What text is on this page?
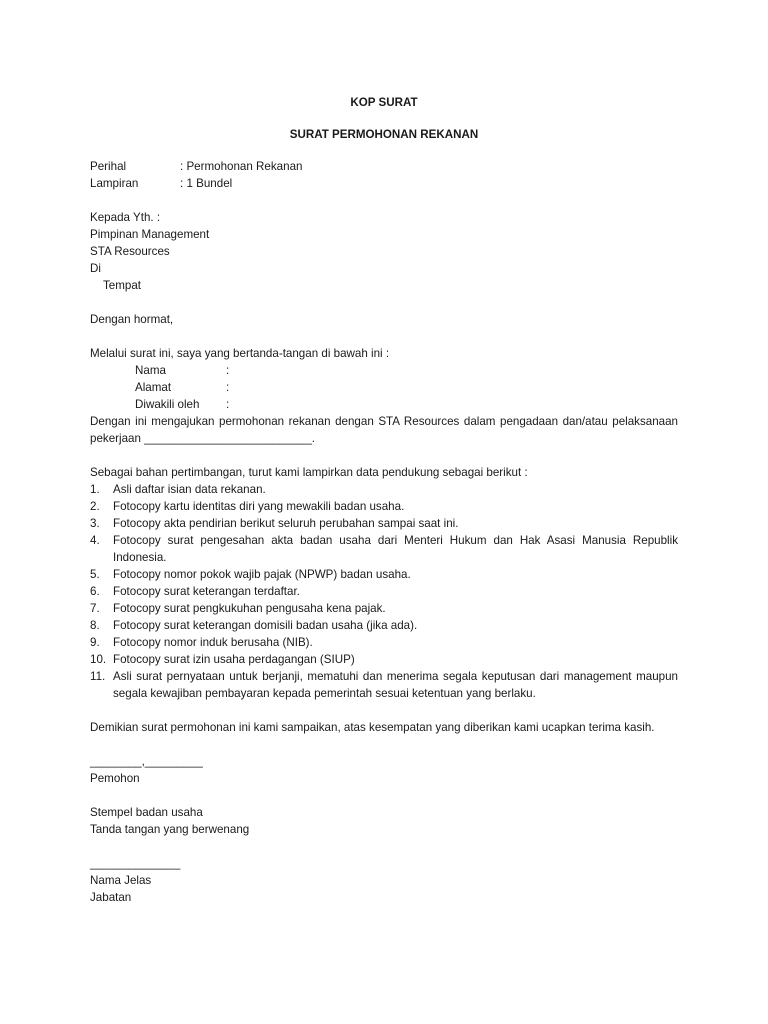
KOP SURAT
SURAT PERMOHONAN REKANAN
Perihal	: Permohonan Rekanan
Lampiran	: 1 Bundel
Kepada Yth. :
Pimpinan Management
STA Resources
Di
Tempat
Dengan hormat,
Melalui surat ini, saya yang bertanda-tangan di bawah ini :
Nama	:
Alamat	:
Diwakili oleh	:
Dengan ini mengajukan permohonan rekanan dengan STA Resources dalam pengadaan dan/atau pelaksanaan pekerjaan __________________________.
Sebagai bahan pertimbangan, turut kami lampirkan data pendukung sebagai berikut :
1.	Asli daftar isian data rekanan.
2.	Fotocopy kartu identitas diri yang mewakili badan usaha.
3.	Fotocopy akta pendirian berikut seluruh perubahan sampai saat ini.
4.	Fotocopy surat pengesahan akta badan usaha dari Menteri Hukum dan Hak Asasi Manusia Republik Indonesia.
5.	Fotocopy nomor pokok wajib pajak (NPWP) badan usaha.
6.	Fotocopy surat keterangan terdaftar.
7.	Fotocopy surat pengkukuhan pengusaha kena pajak.
8.	Fotocopy surat keterangan domisili badan usaha (jika ada).
9.	Fotocopy nomor induk berusaha (NIB).
10. Fotocopy surat izin usaha perdagangan (SIUP)
11. Asli surat pernyataan untuk berjanji, mematuhi dan menerima segala keputusan dari management maupun segala kewajiban pembayaran kepada pemerintah sesuai ketentuan yang berlaku.
Demikian surat permohonan ini kami sampaikan, atas kesempatan yang diberikan kami ucapkan terima kasih.
________,_________
Pemohon
Stempel badan usaha
Tanda tangan yang berwenang
______________
Nama Jelas
Jabatan
